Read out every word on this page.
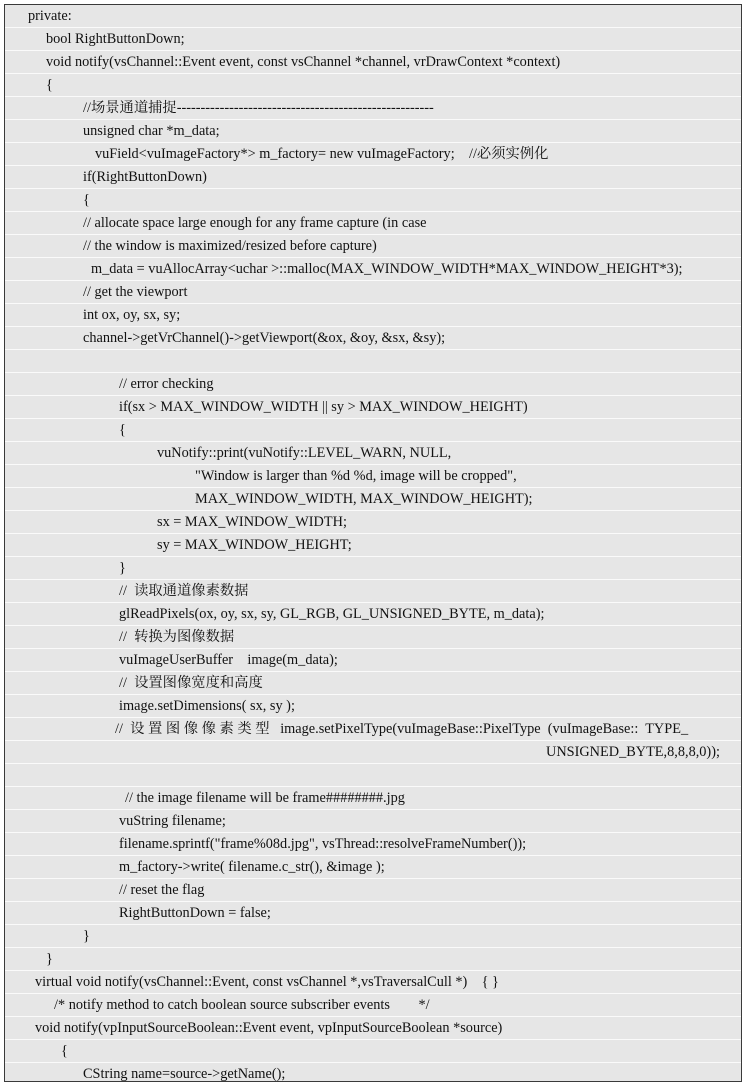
private:
bool RightButtonDown;
void notify(vsChannel::Event event, const vsChannel *channel, vrDrawContext *context)
{
//场景通道捕捉------------------------------------------------------
unsigned char *m_data;
vuField<vuImageFactory*> m_factory= new vuImageFactory;    //必须实例化
if(RightButtonDown)
{
// allocate space large enough for any frame capture (in case
// the window is maximized/resized before capture)
m_data = vuAllocArray<uchar >::malloc(MAX_WINDOW_WIDTH*MAX_WINDOW_HEIGHT*3);
// get the viewport
int ox, oy, sx, sy;
channel->getVrChannel()->getViewport(&ox, &oy, &sx, &sy);
// error checking
if(sx > MAX_WINDOW_WIDTH || sy > MAX_WINDOW_HEIGHT)
{
vuNotify::print(vuNotify::LEVEL_WARN, NULL,
"Window is larger than %d %d, image will be cropped",
MAX_WINDOW_WIDTH, MAX_WINDOW_HEIGHT);
sx = MAX_WINDOW_WIDTH;
sy = MAX_WINDOW_HEIGHT;
}
//  读取通道像素数据
glReadPixels(ox, oy, sx, sy, GL_RGB, GL_UNSIGNED_BYTE, m_data);
//  转换为图像数据
vuImageUserBuffer    image(m_data);
//  设置图像宽度和高度
image.setDimensions( sx, sy );
//  设 置 图 像 像 素 类 型   image.setPixelType(vuImageBase::PixelType  (vuImageBase::  TYPE_
UNSIGNED_BYTE,8,8,8,0));
// the image filename will be frame########.jpg
vuString filename;
filename.sprintf("frame%08d.jpg", vsThread::resolveFrameNumber());
m_factory->write( filename.c_str(), &image );
// reset the flag
RightButtonDown = false;
}
}
virtual void notify(vsChannel::Event, const vsChannel *,vsTraversalCull *)    { }
/* notify method to catch boolean source subscriber events        */
void notify(vpInputSourceBoolean::Event event, vpInputSourceBoolean *source)
{
CString name=source->getName();
